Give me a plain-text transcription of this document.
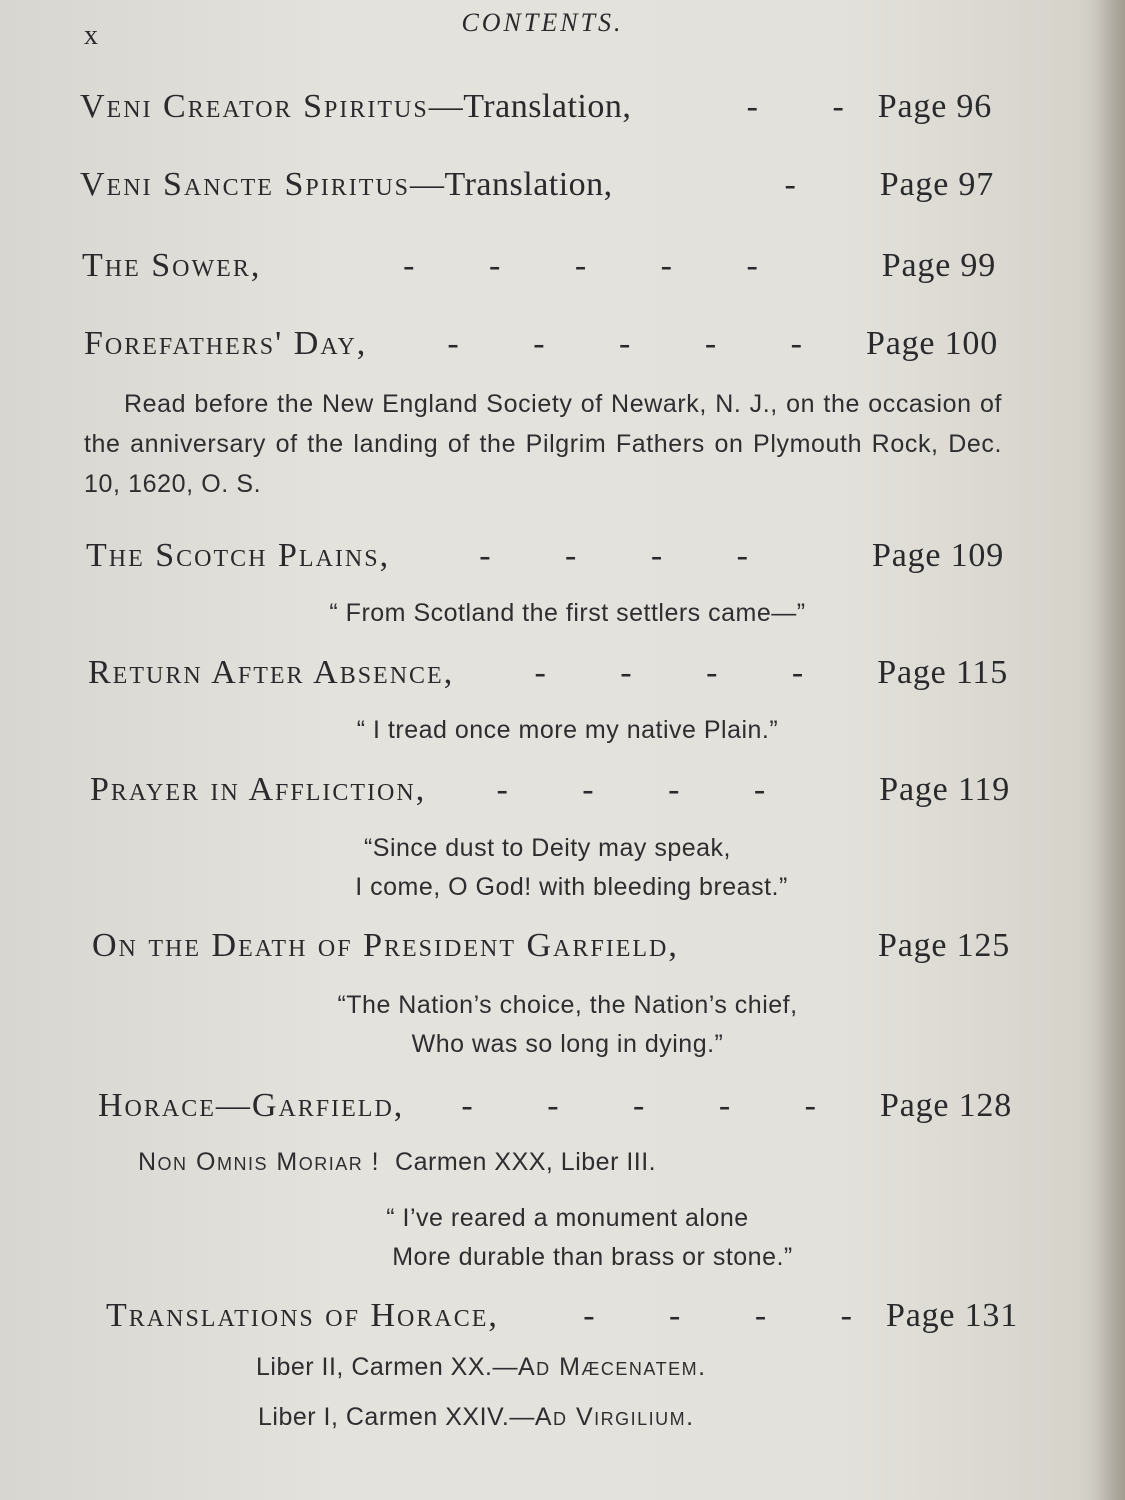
x	CONTENTS.
Veni Creator Spiritus—Translation,	- - Page 96
Veni Sancte Spiritus—Translation,	-	Page 97
The Sower,	- - - - -	Page 99
Forefathers' Day,	- - - - -	Page 100
Read before the New England Society of Newark, N. J., on the occasion of the anniversary of the landing of the Pilgrim Fathers on Plymouth Rock, Dec. 10, 1620, O. S.
The Scotch Plains,	- - - -	Page 109
“ From Scotland the first settlers came—”
Return After Absence,	- - - -	Page 115
“ I tread once more my native Plain.”
Prayer in Affliction,	- - - -	Page 119
“Since dust to Deity may speak,
I come, O God! with bleeding breast.”
On the Death of President Garfield,	Page 125
“The Nation’s choice, the Nation’s chief,
Who was so long in dying.”
Horace—Garfield,	- - - - -	Page 128
Non Omnis Moriar ! Carmen XXX, Liber III.
“ I’ve reared a monument alone
More durable than brass or stone.”
Translations of Horace,	- - - - Page 131
Liber II, Carmen XX.—Ad Mæcenatem.
Liber I, Carmen XXIV.—Ad Virgilium.
